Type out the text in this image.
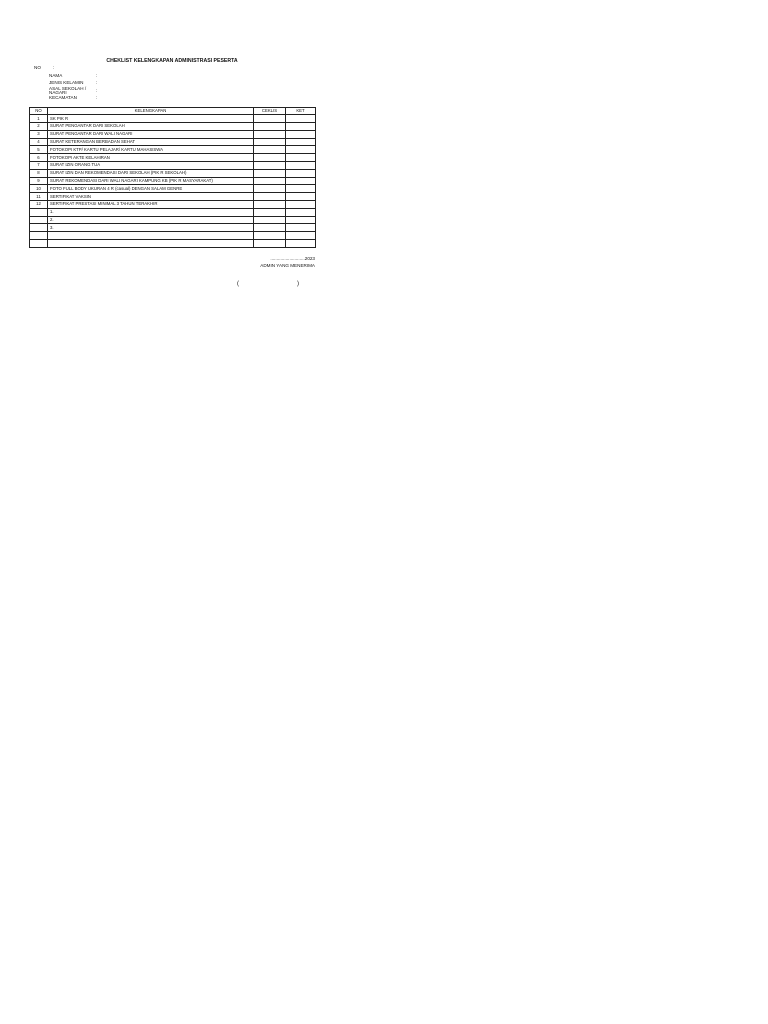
CHEKLIST KELENGKAPAN ADMINISTRASI PESERTA
NO	:
NAMA	:
JENIS KELAMIN	:
ASAL SEKOLAH / NAGARI	:
KECAMATAN	:
NO	KELENGKAPAN	CEKLIS	KET
1	SK PIK R		
2	SURAT PENGANTAR DARI SEKOLAH		
3	SURAT PENGANTAR DARI WALI NAGARI		
4	SURAT KETERANGAN BERBADAN SEHAT		
5	FOTOKOPI KTP/ KARTU PELAJAR/ KARTU MAHASISWA		
6	FOTOKOPI AKTE KELAHIRAN		
7	SURAT IZIN ORANG TUA		
8	SURAT IZIN DAN REKOMENDASI DARI SEKOLAH (PIK R SEKOLAH)		
9	SURAT REKOMENDASI DARI WALI NAGARI KAMPUNG KB (PIK R MASYARAKAT)		
10	FOTO FULL BODY UKURAN 4 R (casual) DENGAN SALAM GENRE		
11	SERTIFIKAT VAKSIN		
12	SERTIFIKAT PRESTASI MINIMAL 3 TAHUN TERAKHIR		
	1.		
	2.		
	3.		

...........................2023
ADMIN YANG MENERIMA
(	)
